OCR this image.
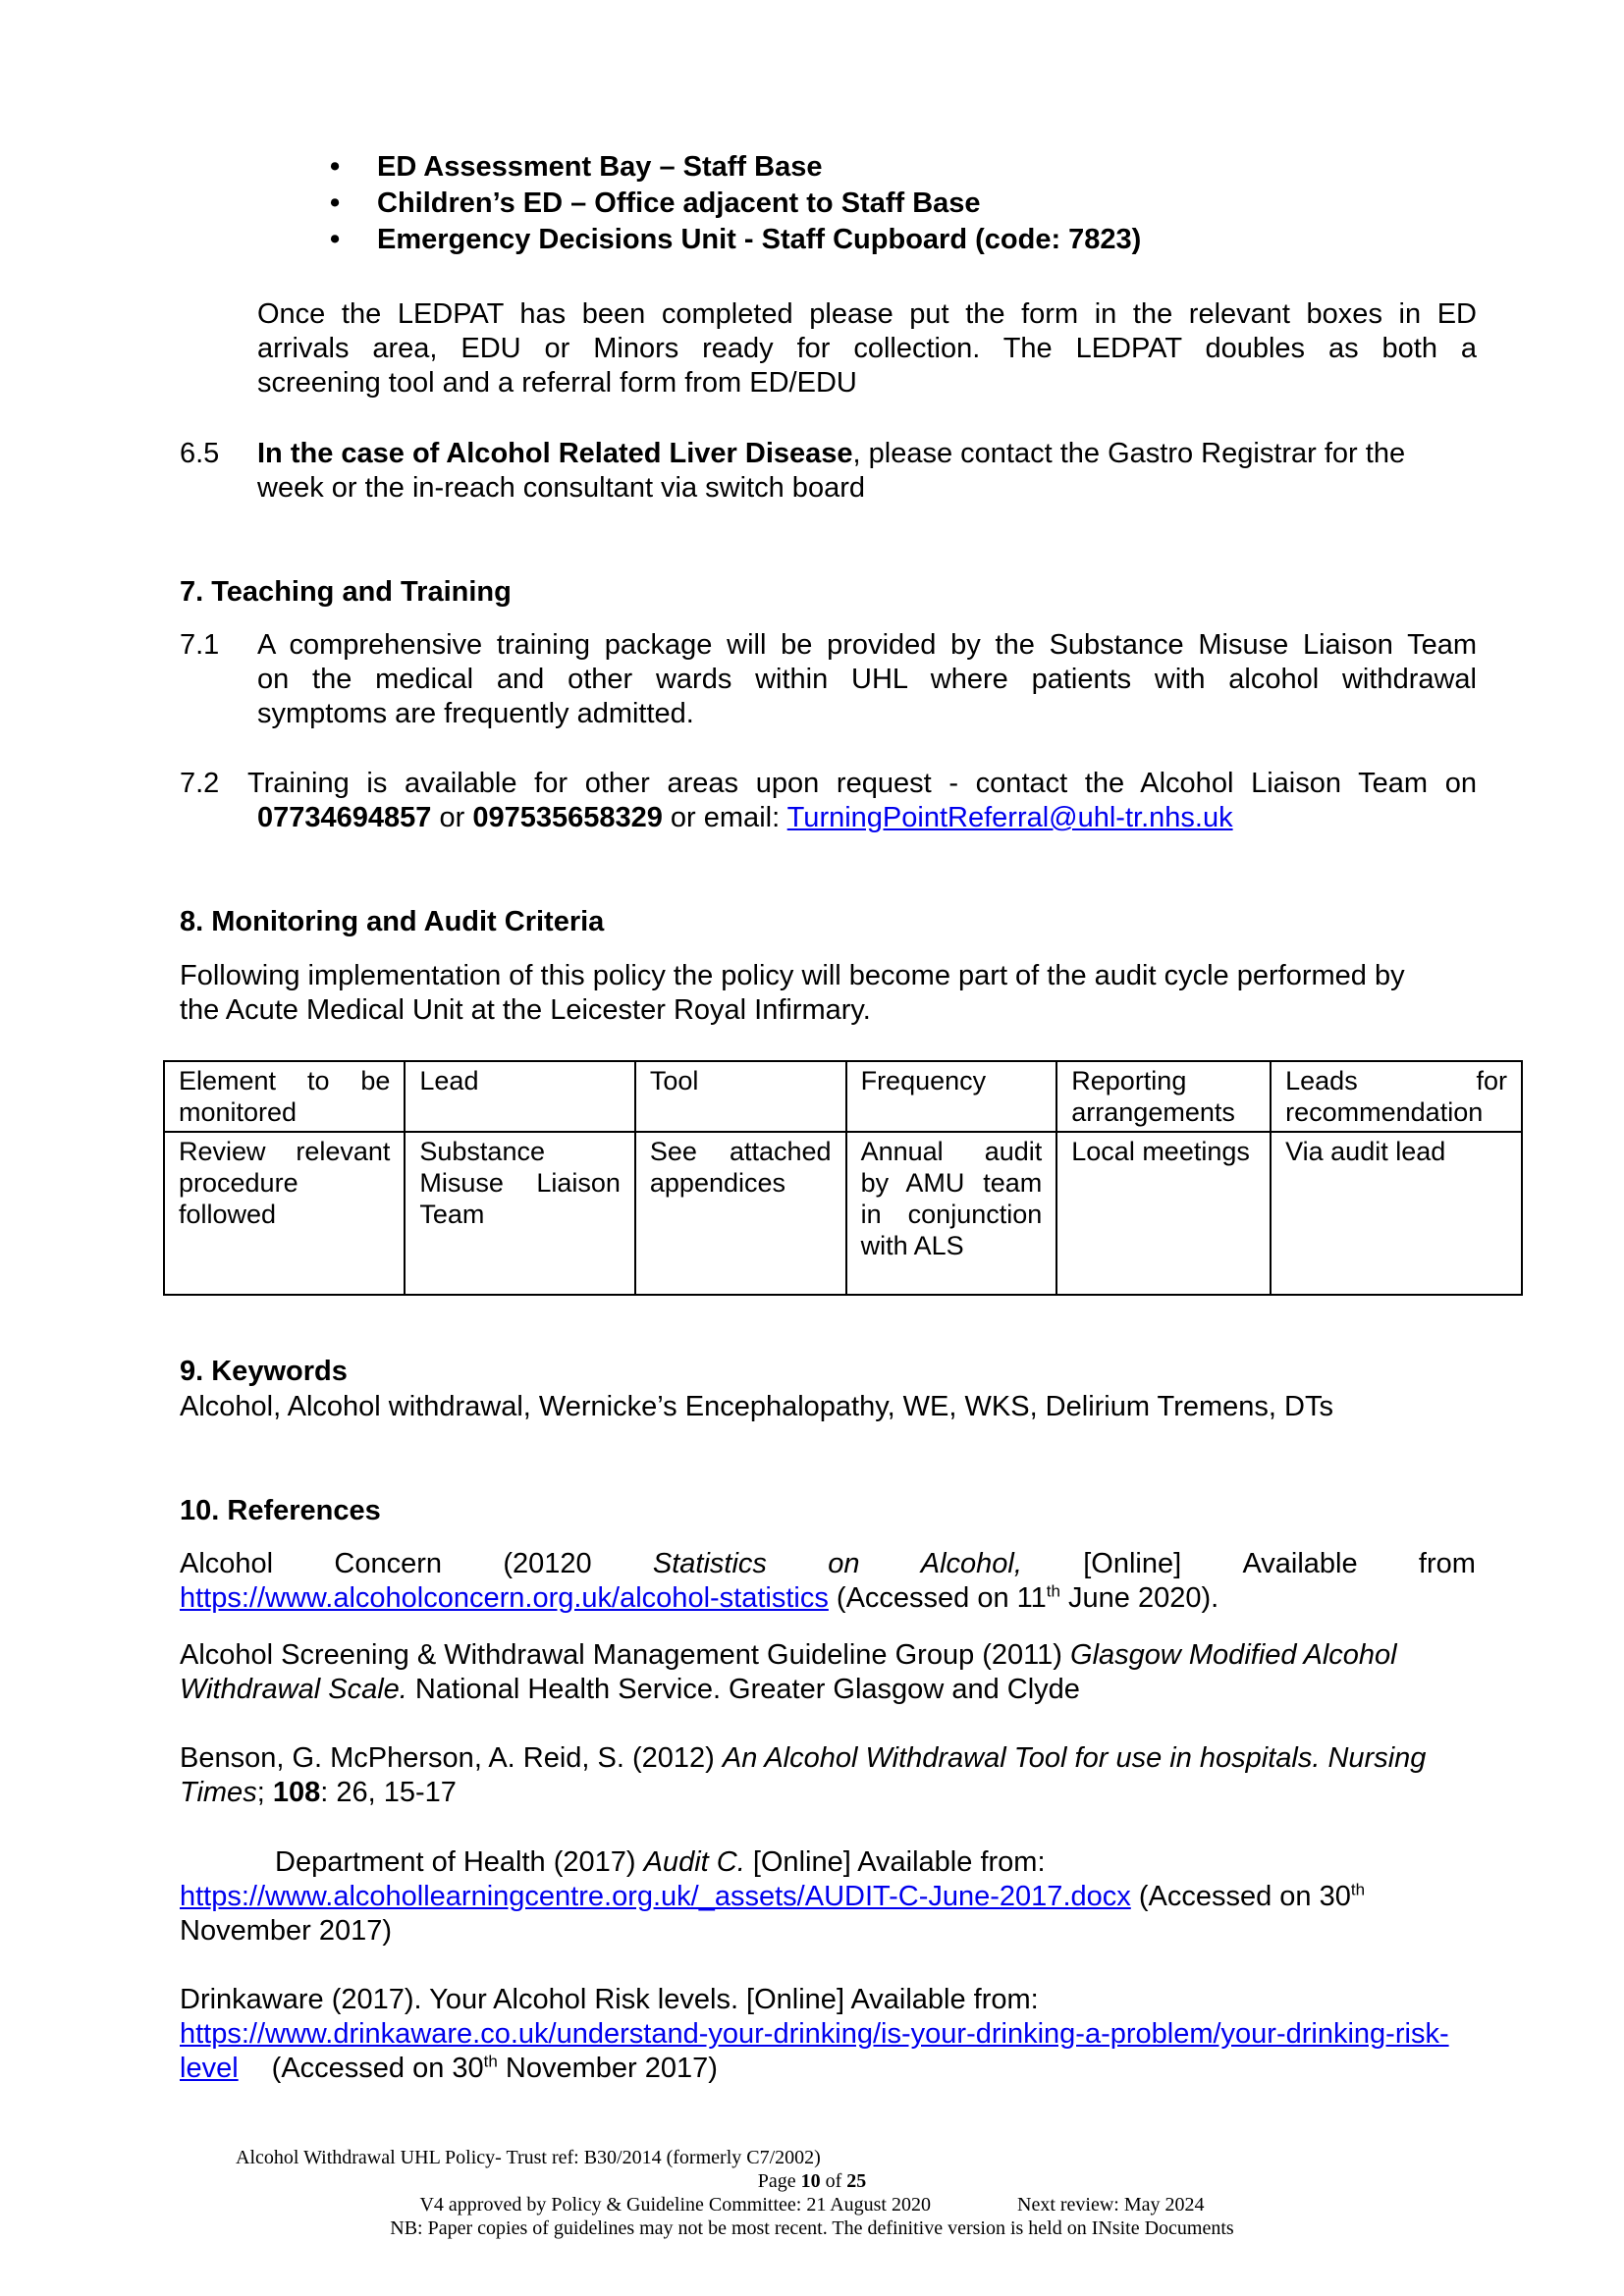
• ED Assessment Bay – Staff Base
• Children’s ED – Office adjacent to Staff Base
• Emergency Decisions Unit - Staff Cupboard (code: 7823)
Once the LEDPAT has been completed please put the form in the relevant boxes in ED
arrivals area, EDU or Minors ready for collection. The LEDPAT doubles as both a
screening tool and a referral form from ED/EDU
6.5 In the case of Alcohol Related Liver Disease, please contact the Gastro Registrar for the
week or the in-reach consultant via switch board
7. Teaching and Training
7.1 A comprehensive training package will be provided by the Substance Misuse Liaison Team
on the medical and other wards within UHL where patients with alcohol withdrawal
symptoms are frequently admitted.
7.2 Training is available for other areas upon request - contact the Alcohol Liaison Team on
07734694857 or 097535658329 or email: TurningPointReferral@uhl-tr.nhs.uk
8. Monitoring and Audit Criteria
Following implementation of this policy the policy will become part of the audit cycle performed by
the Acute Medical Unit at the Leicester Royal Infirmary.
Element to be monitored	Lead	Tool	Frequency	Reporting arrangements	Leads for recommendation

Review relevant procedure followed	Substance Misuse Liaison Team	See attached appendices	Annual audit by AMU team in conjunction with ALS	Local meetings	Via audit lead
9. Keywords
Alcohol, Alcohol withdrawal, Wernicke’s Encephalopathy, WE, WKS, Delirium Tremens, DTs
10. References
Alcohol Concern (20120 Statistics on Alcohol, [Online] Available from
https://www.alcoholconcern.org.uk/alcohol-statistics (Accessed on 11th June 2020).
Alcohol Screening & Withdrawal Management Guideline Group (2011) Glasgow Modified Alcohol
Withdrawal Scale. National Health Service. Greater Glasgow and Clyde
Benson, G. McPherson, A. Reid, S. (2012) An Alcohol Withdrawal Tool for use in hospitals. Nursing
Times; 108: 26, 15-17
Department of Health (2017) Audit C. [Online] Available from:
https://www.alcohollearningcentre.org.uk/_assets/AUDIT-C-June-2017.docx (Accessed on 30th
November 2017)
Drinkaware (2017). Your Alcohol Risk levels. [Online] Available from:
https://www.drinkaware.co.uk/understand-your-drinking/is-your-drinking-a-problem/your-drinking-risk-
level (Accessed on 30th November 2017)
Alcohol Withdrawal UHL Policy- Trust ref: B30/2014 (formerly C7/2002)
Page 10 of 25
V4 approved by Policy & Guideline Committee: 21 August 2020	Next review: May 2024
NB: Paper copies of guidelines may not be most recent. The definitive version is held on INsite Documents
